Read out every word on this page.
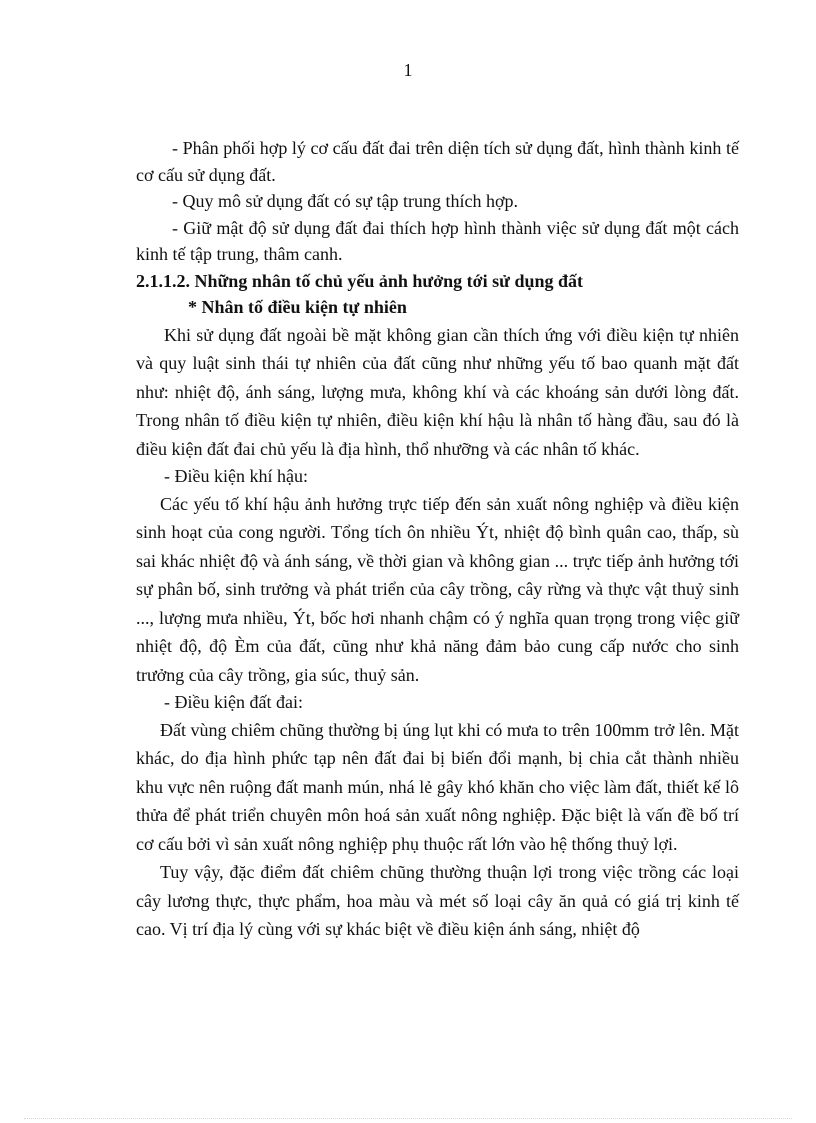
1

- Phân phối hợp lý cơ cấu đất đai trên diện tích sử dụng đất, hình thành kinh tế cơ cấu sử dụng đất.

- Quy mô sử dụng đất có sự tập trung thích hợp.

- Giữ mật độ sử dụng đất đai thích hợp hình thành việc sử dụng đất một cách kinh tế tập trung, thâm canh.

2.1.1.2. Những nhân tố chủ yếu ảnh hưởng tới sử dụng đất

* Nhân tố điều kiện tự nhiên

Khi sử dụng đất ngoài bề mặt không gian cần thích ứng với điều kiện tự nhiên và quy luật sinh thái tự nhiên của đất cũng như những yếu tố bao quanh mặt đất như: nhiệt độ, ánh sáng, lượng mưa, không khí và các khoáng sản dưới lòng đất. Trong nhân tố điều kiện tự nhiên, điều kiện khí hậu là nhân tố hàng đầu, sau đó là điều kiện đất đai chủ yếu là địa hình, thổ nhưỡng và các nhân tố khác.

- Điều kiện khí hậu:

Các yếu tố khí hậu ảnh hưởng trực tiếp đến sản xuất nông nghiệp và điều kiện sinh hoạt của cong người. Tổng tích ôn nhiều Ýt, nhiệt độ bình quân cao, thấp, sù sai khác nhiệt độ và ánh sáng, về thời gian và không gian ... trực tiếp ảnh hưởng tới sự phân bố, sinh trưởng và phát triển của cây trồng, cây rừng và thực vật thuỷ sinh ..., lượng mưa nhiều, Ýt, bốc hơi nhanh chậm có ý nghĩa quan trọng trong việc giữ nhiệt độ, độ Èm của đất, cũng như khả năng đảm bảo cung cấp nước cho sinh trưởng của cây trồng, gia súc, thuỷ sản.

- Điều kiện đất đai:

Đất vùng chiêm chũng thường bị úng lụt khi có mưa to trên 100mm trở lên. Mặt khác, do địa hình phức tạp nên đất đai bị biến đổi mạnh, bị chia cắt thành nhiều khu vực nên ruộng đất manh mún, nhá lẻ gây khó khăn cho việc làm đất, thiết kế lô thửa để phát triển chuyên môn hoá sản xuất nông nghiệp. Đặc biệt là vấn đề bố trí cơ cấu bởi vì sản xuất nông nghiệp phụ thuộc rất lớn vào hệ thống thuỷ lợi.

Tuy vậy, đặc điểm đất chiêm chũng thường thuận lợi trong việc trồng các loại cây lương thực, thực phẩm, hoa màu và mét số loại cây ăn quả có giá trị kinh tế cao. Vị trí địa lý cùng với sự khác biệt về điều kiện ánh sáng, nhiệt độ
